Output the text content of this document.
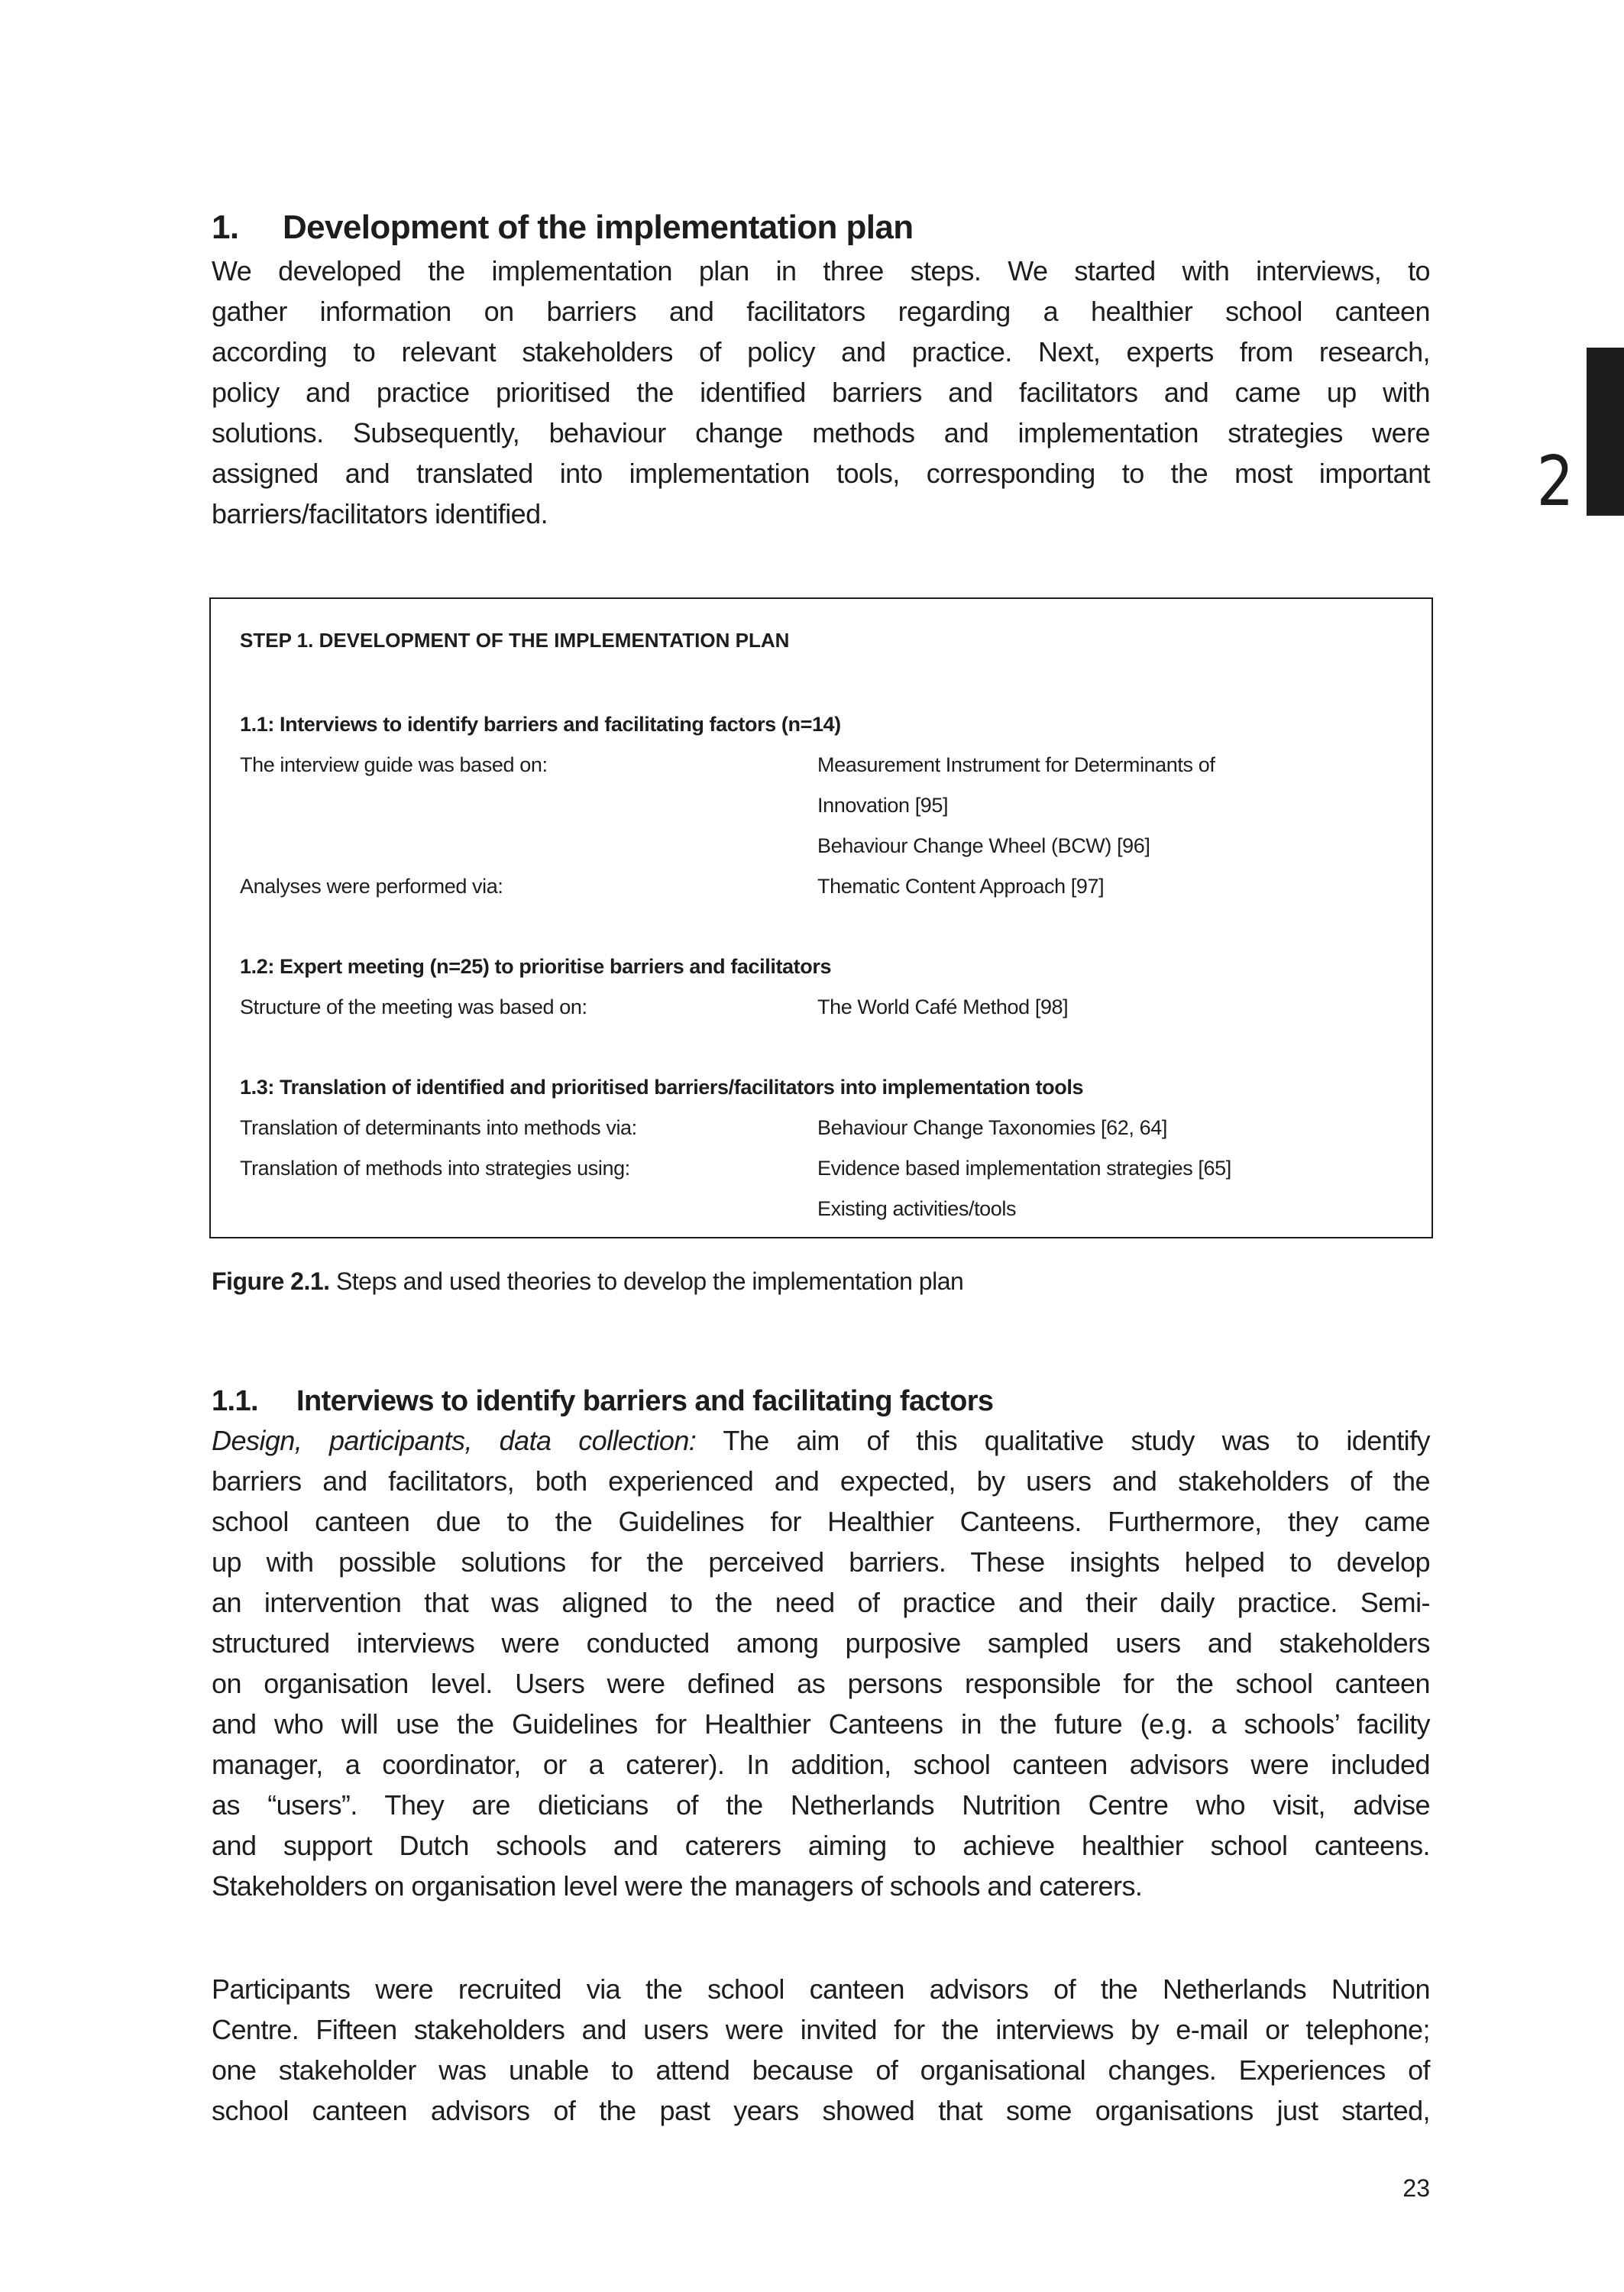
2
1. Development of the implementation plan
We developed the implementation plan in three steps. We started with interviews, to
gather information on barriers and facilitators regarding a healthier school canteen
according to relevant stakeholders of policy and practice. Next, experts from research,
policy and practice prioritised the identified barriers and facilitators and came up with
solutions. Subsequently, behaviour change methods and implementation strategies were
assigned and translated into implementation tools, corresponding to the most important
barriers/facilitators identified.
STEP 1. DEVELOPMENT OF THE IMPLEMENTATION PLAN
1.1: Interviews to identify barriers and facilitating factors (n=14)
The interview guide was based on:	Measurement Instrument for Determinants of
Innovation [95]
Behaviour Change Wheel (BCW) [96]
Analyses were performed via:	Thematic Content Approach [97]
1.2: Expert meeting (n=25) to prioritise barriers and facilitators
Structure of the meeting was based on:	The World Café Method [98]
1.3: Translation of identified and prioritised barriers/facilitators into implementation tools
Translation of determinants into methods via:	Behaviour Change Taxonomies [62, 64]
Translation of methods into strategies using:	Evidence based implementation strategies [65]
Existing activities/tools
Figure 2.1. Steps and used theories to develop the implementation plan
1.1. Interviews to identify barriers and facilitating factors
Design, participants, data collection: The aim of this qualitative study was to identify
barriers and facilitators, both experienced and expected, by users and stakeholders of the
school canteen due to the Guidelines for Healthier Canteens. Furthermore, they came
up with possible solutions for the perceived barriers. These insights helped to develop
an intervention that was aligned to the need of practice and their daily practice. Semi-
structured interviews were conducted among purposive sampled users and stakeholders
on organisation level. Users were defined as persons responsible for the school canteen
and who will use the Guidelines for Healthier Canteens in the future (e.g. a schools’ facility
manager, a coordinator, or a caterer). In addition, school canteen advisors were included
as “users”. They are dieticians of the Netherlands Nutrition Centre who visit, advise
and support Dutch schools and caterers aiming to achieve healthier school canteens.
Stakeholders on organisation level were the managers of schools and caterers.
Participants were recruited via the school canteen advisors of the Netherlands Nutrition
Centre. Fifteen stakeholders and users were invited for the interviews by e-mail or telephone;
one stakeholder was unable to attend because of organisational changes. Experiences of
school canteen advisors of the past years showed that some organisations just started,
23
